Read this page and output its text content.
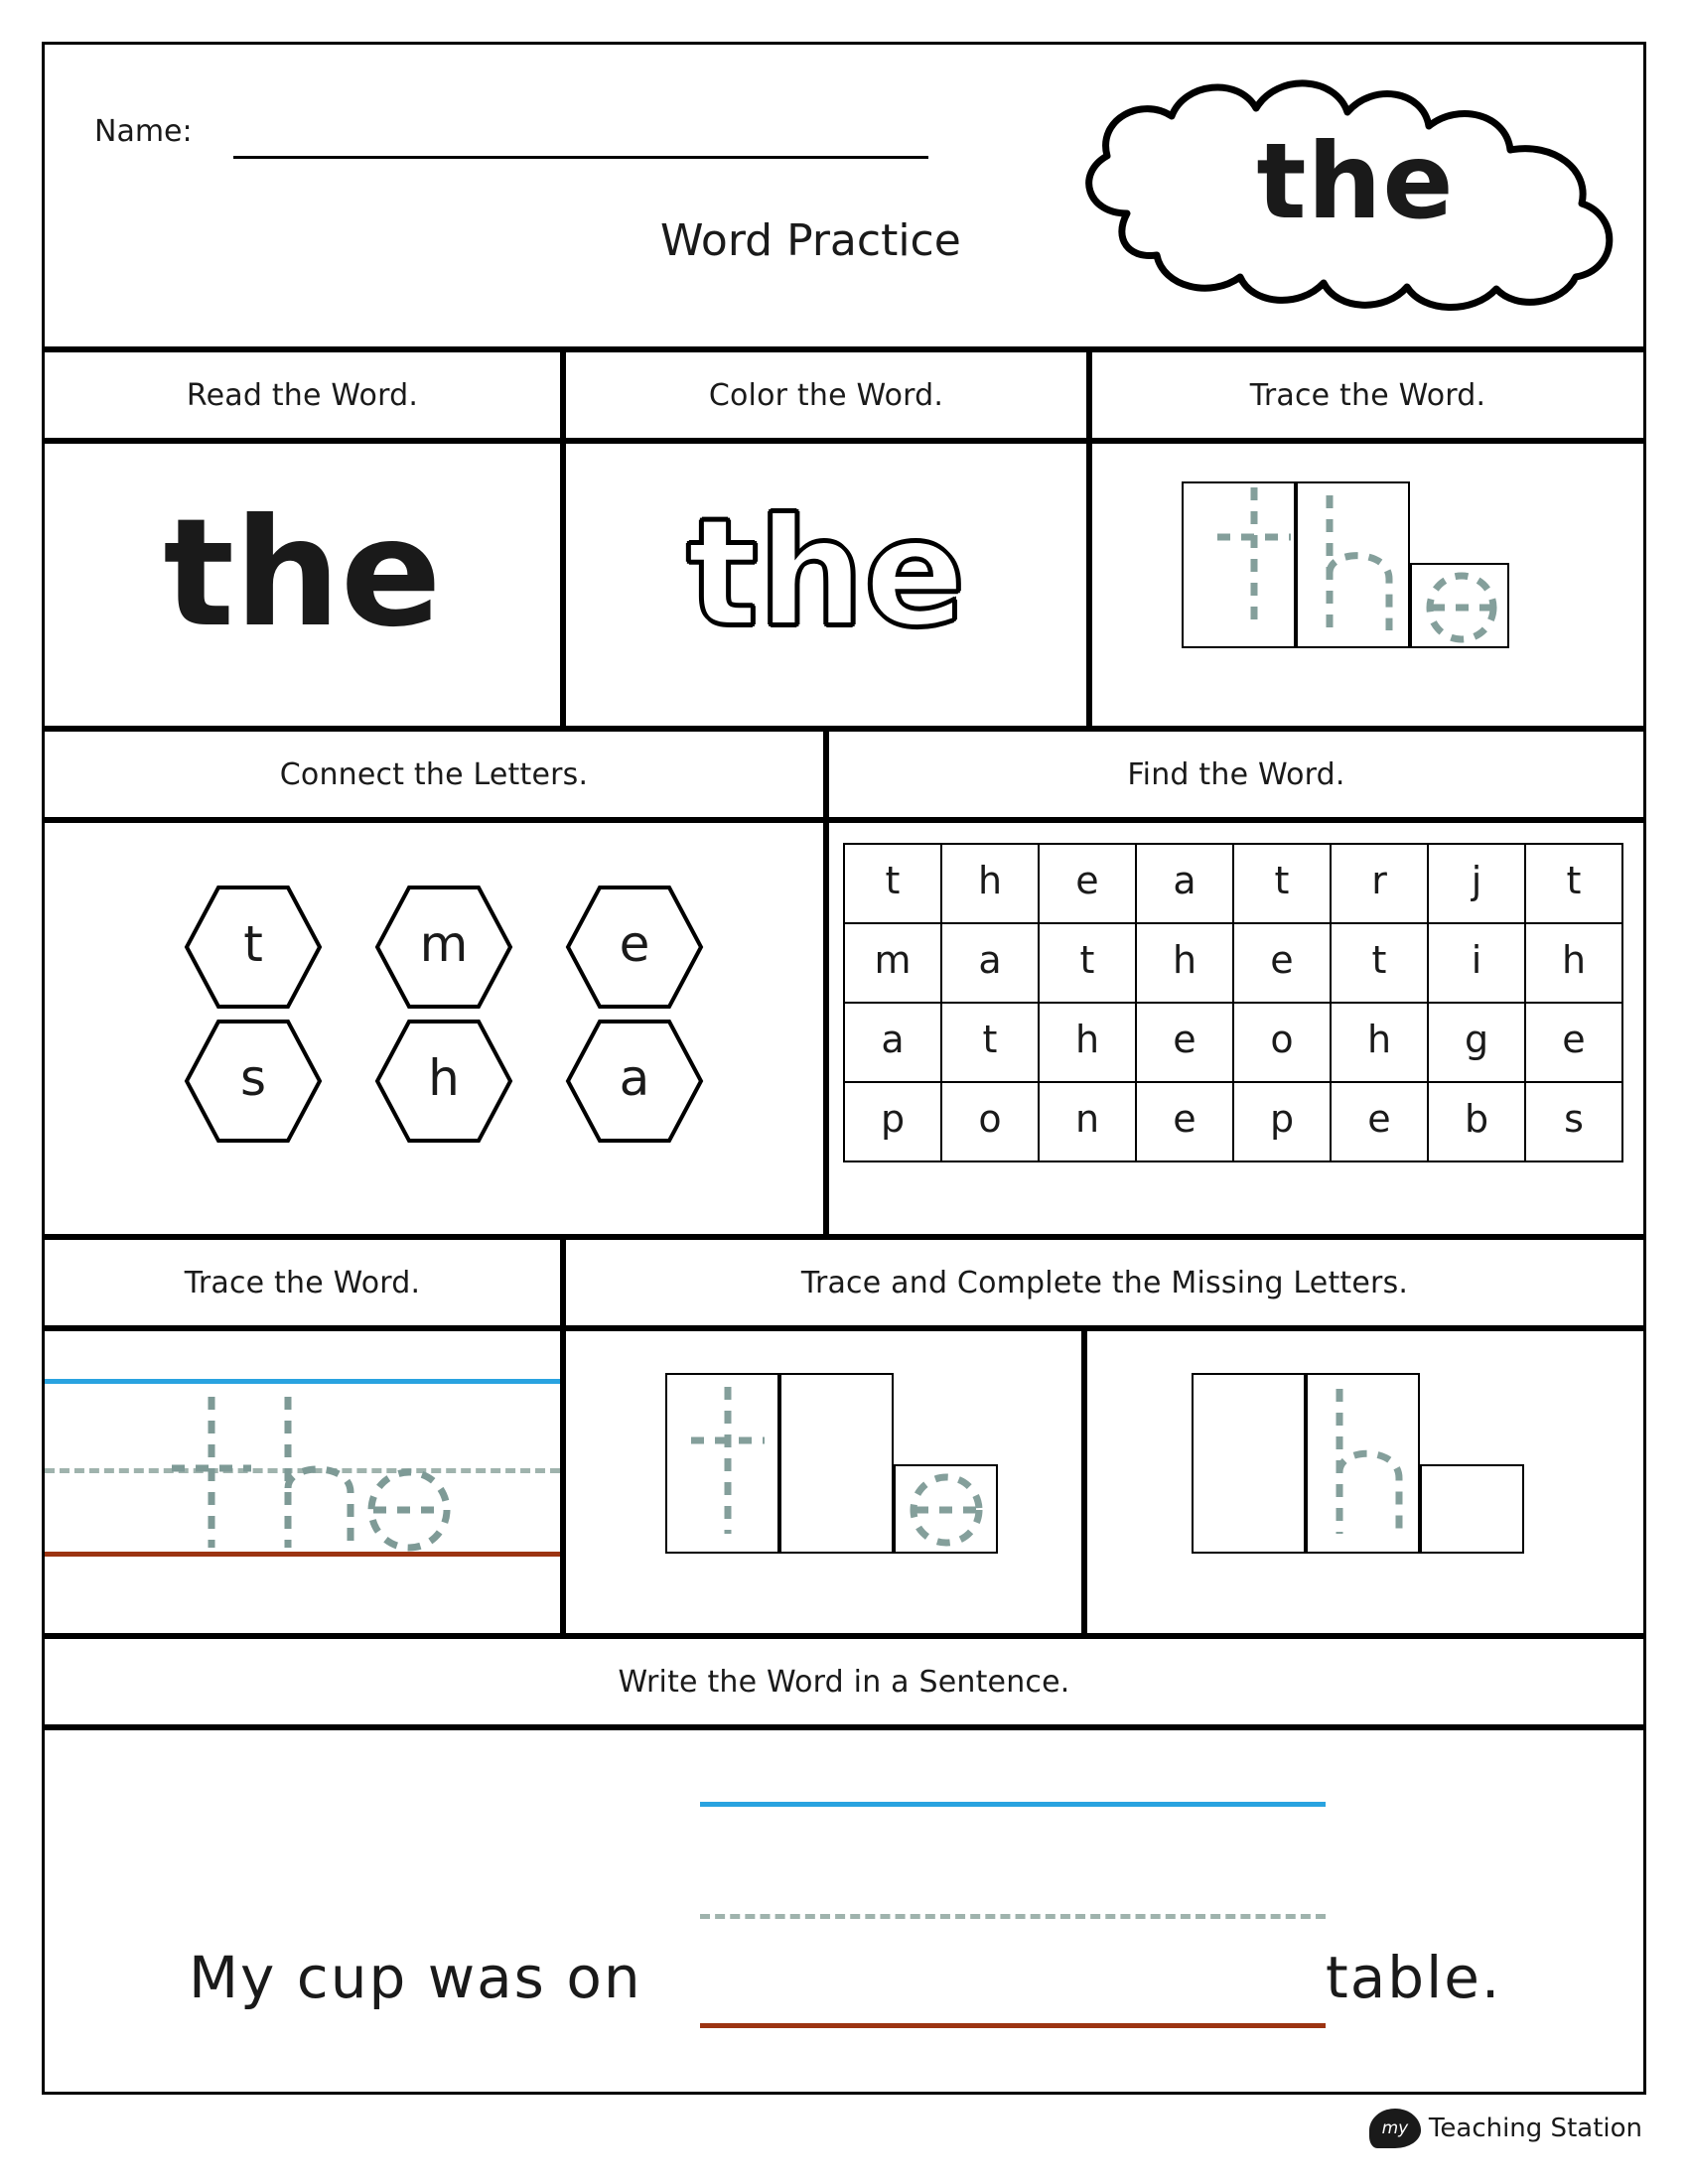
Name:
Word Practice	the
Read the Word.	Color the Word.	Trace the Word.
the the
Connect the Letters.	Find the Word.
t	m	e
s	h	a
t	h	e	a	t	r	j	t
m	a	t	h	e	t	i	h
a	t	h	e	o	h	g	e
p	o	n	e	p	e	b	s
Trace the Word.	Trace and Complete the Missing Letters.
Write the Word in a Sentence.
My cup was on	table.
my Teaching Station
